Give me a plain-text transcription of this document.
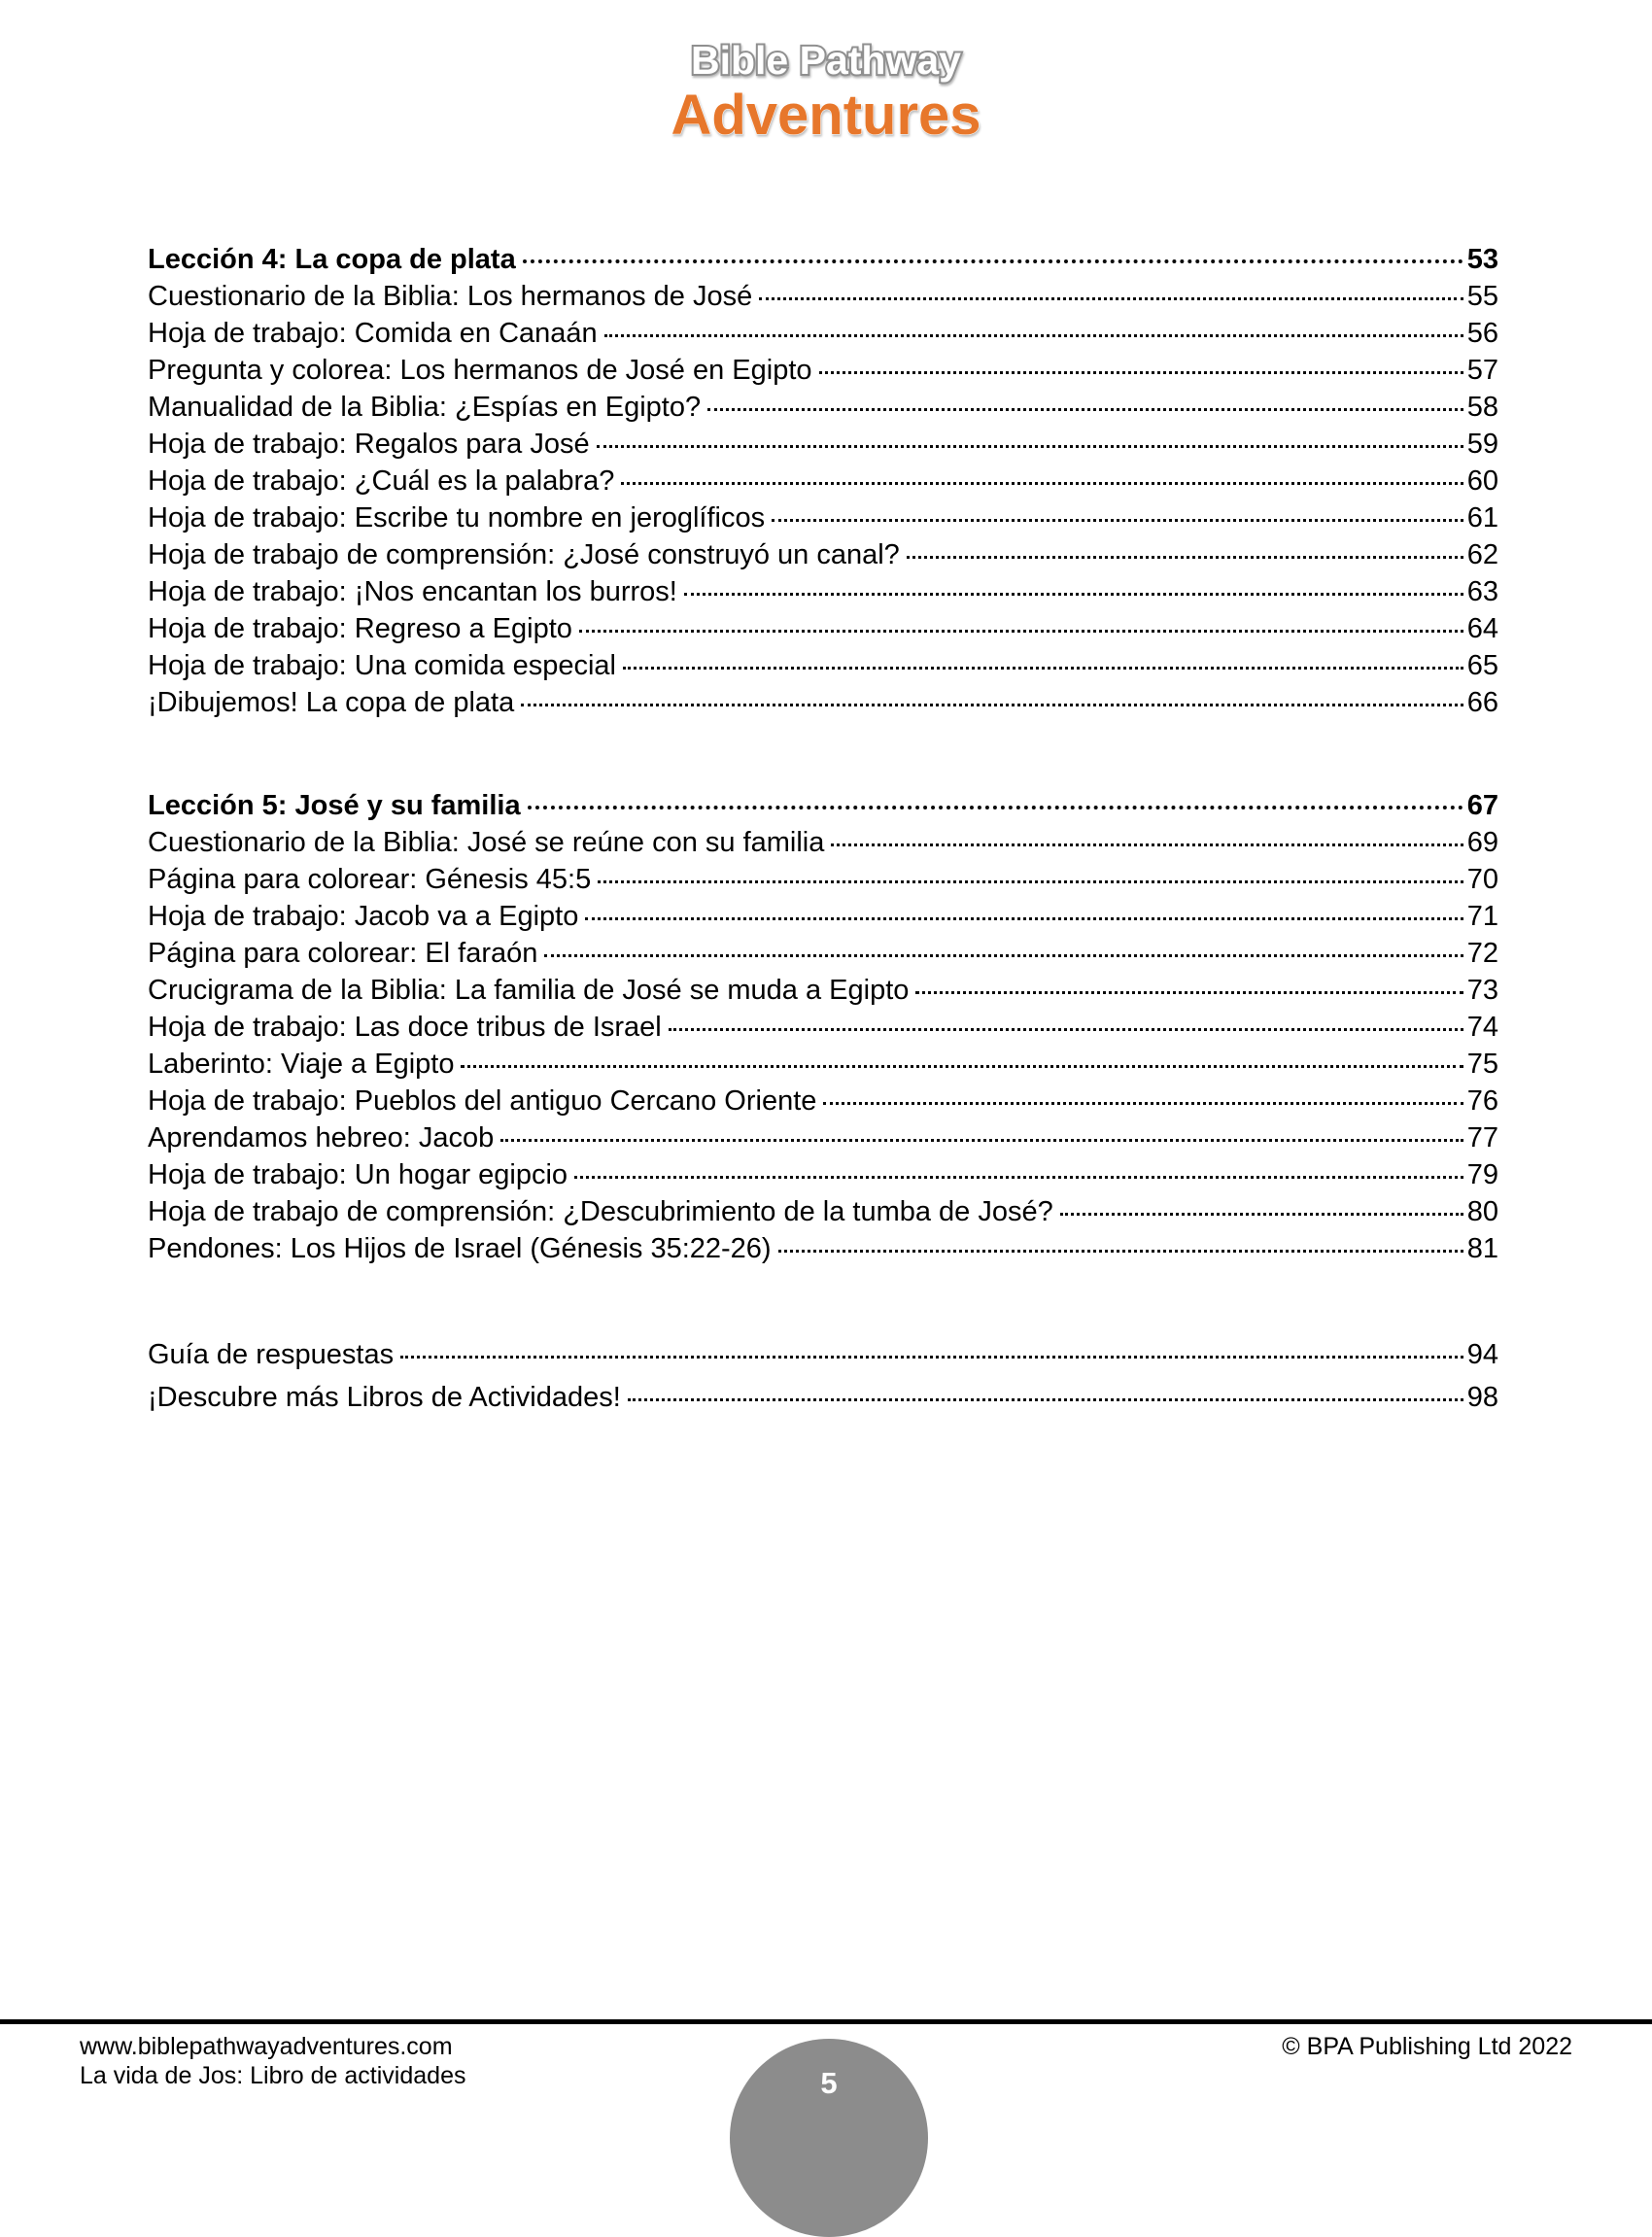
Bible Pathway
Adventures
Lección 4: La copa de plata	53
Cuestionario de la Biblia: Los hermanos de José	55
Hoja de trabajo: Comida en Canaán	56
Pregunta y colorea: Los hermanos de José en Egipto	57
Manualidad de la Biblia: ¿Espías en Egipto?	58
Hoja de trabajo: Regalos para José	59
Hoja de trabajo: ¿Cuál es la palabra?	60
Hoja de trabajo: Escribe tu nombre en jeroglíficos	61
Hoja de trabajo de comprensión: ¿José construyó un canal?	62
Hoja de trabajo: ¡Nos encantan los burros!	63
Hoja de trabajo: Regreso a Egipto	64
Hoja de trabajo: Una comida especial	65
¡Dibujemos! La copa de plata	66
Lección 5: José y su familia	67
Cuestionario de la Biblia: José se reúne con su familia	69
Página para colorear: Génesis 45:5	70
Hoja de trabajo: Jacob va a Egipto	71
Página para colorear: El faraón	72
Crucigrama de la Biblia: La familia de José se muda a Egipto	73
Hoja de trabajo: Las doce tribus de Israel	74
Laberinto: Viaje a Egipto	75
Hoja de trabajo: Pueblos del antiguo Cercano Oriente	76
Aprendamos hebreo: Jacob	77
Hoja de trabajo: Un hogar egipcio	79
Hoja de trabajo de comprensión: ¿Descubrimiento de la tumba de José?	80
Pendones: Los Hijos de Israel (Génesis 35:22-26)	81
Guía de respuestas	94
¡Descubre más Libros de Actividades!	98
www.biblepathwayadventures.com
La vida de Jos: Libro de actividades
© BPA Publishing Ltd 2022
5
